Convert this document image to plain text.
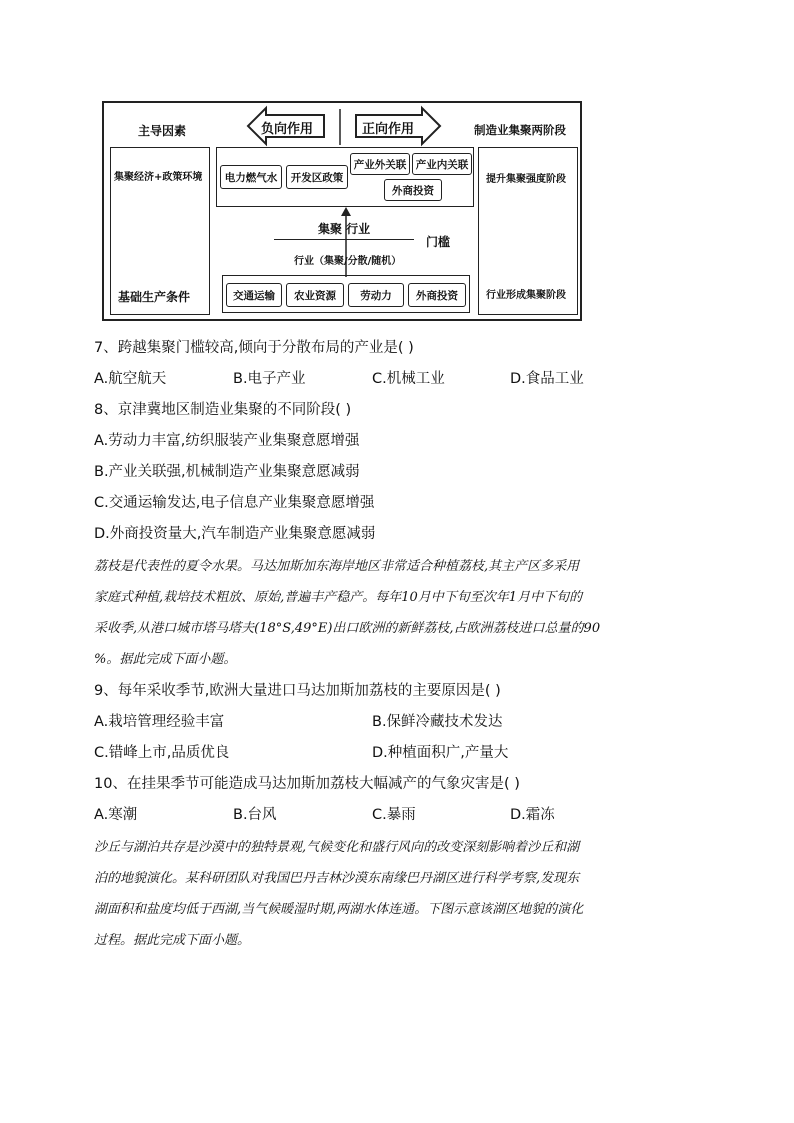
主导因素	制造业集聚两阶段
负向作用	正向作用
集聚经济+政策环境
基础生产条件
提升集聚强度阶段
行业形成集聚阶段
电力燃气水	开发区政策
产业外关联 产业内关联
外商投资
集聚 行业
门槛
行业（集聚/分散/随机）
交通运输	农业资源	劳动力	外商投资
7、跨越集聚门槛较高,倾向于分散布局的产业是( )
A.航空航天	B.电子产业	C.机械工业	D.食品工业
8、京津冀地区制造业集聚的不同阶段( )
A.劳动力丰富,纺织服装产业集聚意愿增强
B.产业关联强,机械制造产业集聚意愿减弱
C.交通运输发达,电子信息产业集聚意愿增强
D.外商投资量大,汽车制造产业集聚意愿减弱
荔枝是代表性的夏令水果。马达加斯加东海岸地区非常适合种植荔枝,其主产区多采用
家庭式种植,栽培技术粗放、原始,普遍丰产稳产。每年10月中下旬至次年1月中下旬的
采收季,从港口城市塔马塔夫(18°S,49°E)出口欧洲的新鲜荔枝,占欧洲荔枝进口总量的90
%。据此完成下面小题。
9、每年采收季节,欧洲大量进口马达加斯加荔枝的主要原因是( )
A.栽培管理经验丰富	B.保鲜冷藏技术发达
C.错峰上市,品质优良	D.种植面积广,产量大
10、在挂果季节可能造成马达加斯加荔枝大幅减产的气象灾害是( )
A.寒潮	B.台风	C.暴雨	D.霜冻
沙丘与湖泊共存是沙漠中的独特景观,气候变化和盛行风向的改变深刻影响着沙丘和湖
泊的地貌演化。某科研团队对我国巴丹吉林沙漠东南缘巴丹湖区进行科学考察,发现东
湖面积和盐度均低于西湖,当气候暖湿时期,两湖水体连通。下图示意该湖区地貌的演化
过程。据此完成下面小题。
